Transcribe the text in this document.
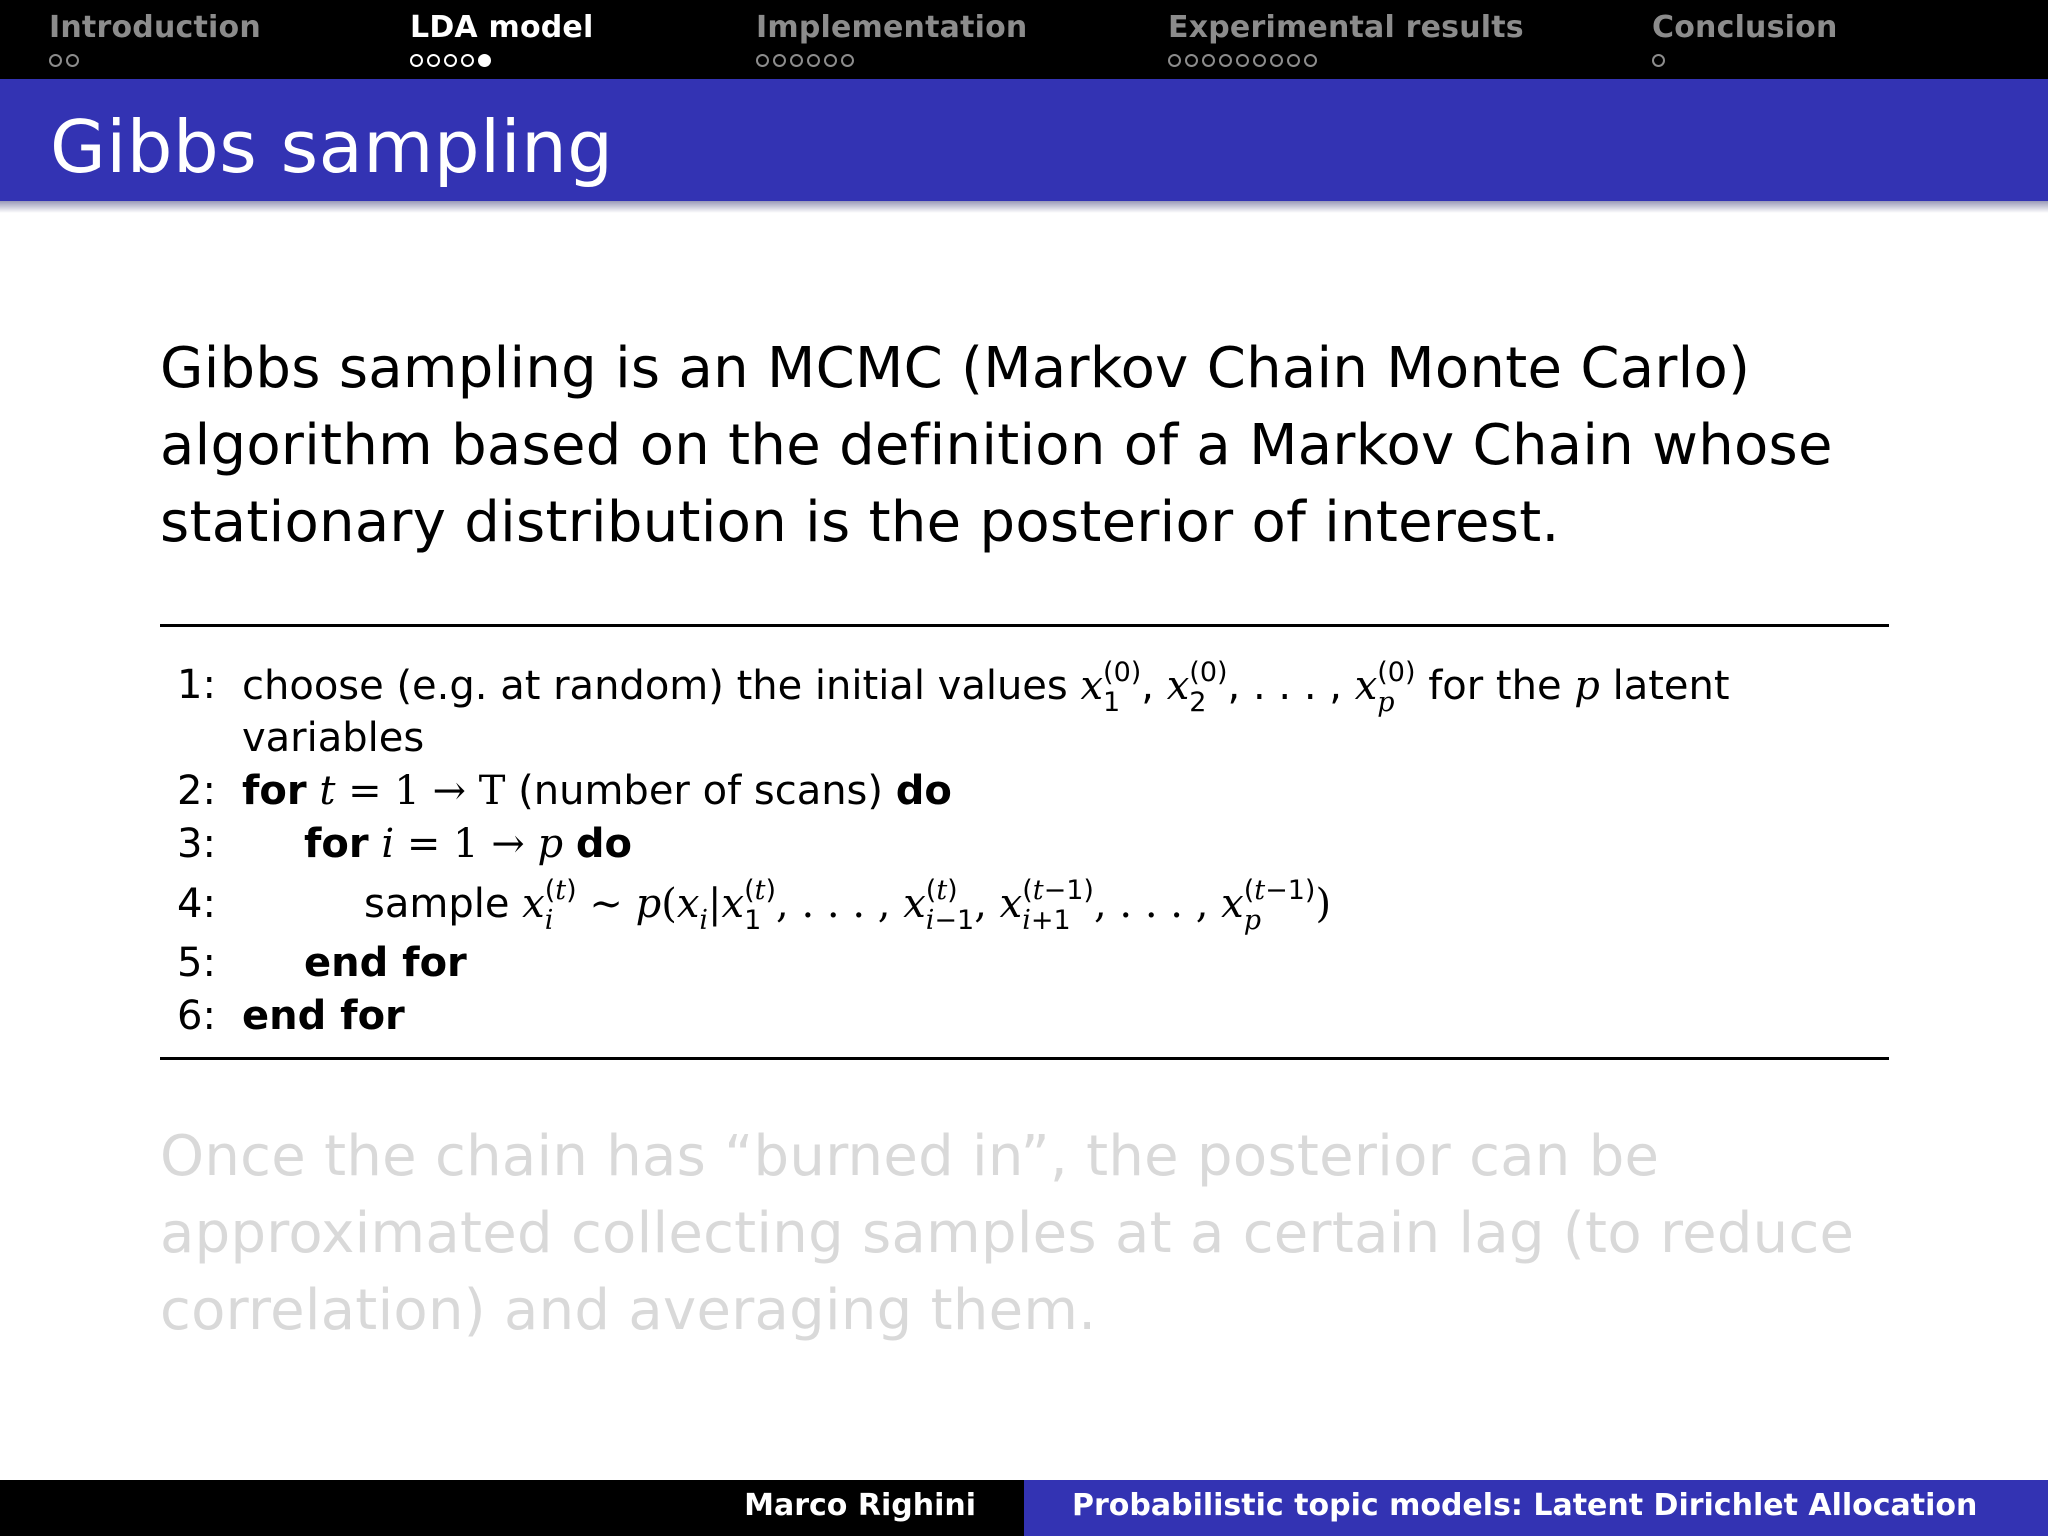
Introduction	LDA model	Implementation	Experimental results	Conclusion
Gibbs sampling
Gibbs sampling is an MCMC (Markov Chain Monte Carlo) algorithm based on the definition of a Markov Chain whose stationary distribution is the posterior of interest.
1: choose (e.g. at random) the initial values x (0)
1 , x (0)
2 , . . . , x (0)
p for the p latent
variables
2: for t = 1 → T (number of scans) do
3:	for i = 1 → p do
4:	sample x (t)
i ∼ p(x
i |x (t)
1 , . . . , x (t)
i−1 , x (t−1)
i+1 , . . . , x (t−1)
p	)
5:	end for
6: end for
Once the chain has “burned in”, the posterior can be approximated collecting samples at a certain lag (to reduce correlation) and averaging them.
Marco Righini	Probabilistic topic models: Latent Dirichlet Allocation
